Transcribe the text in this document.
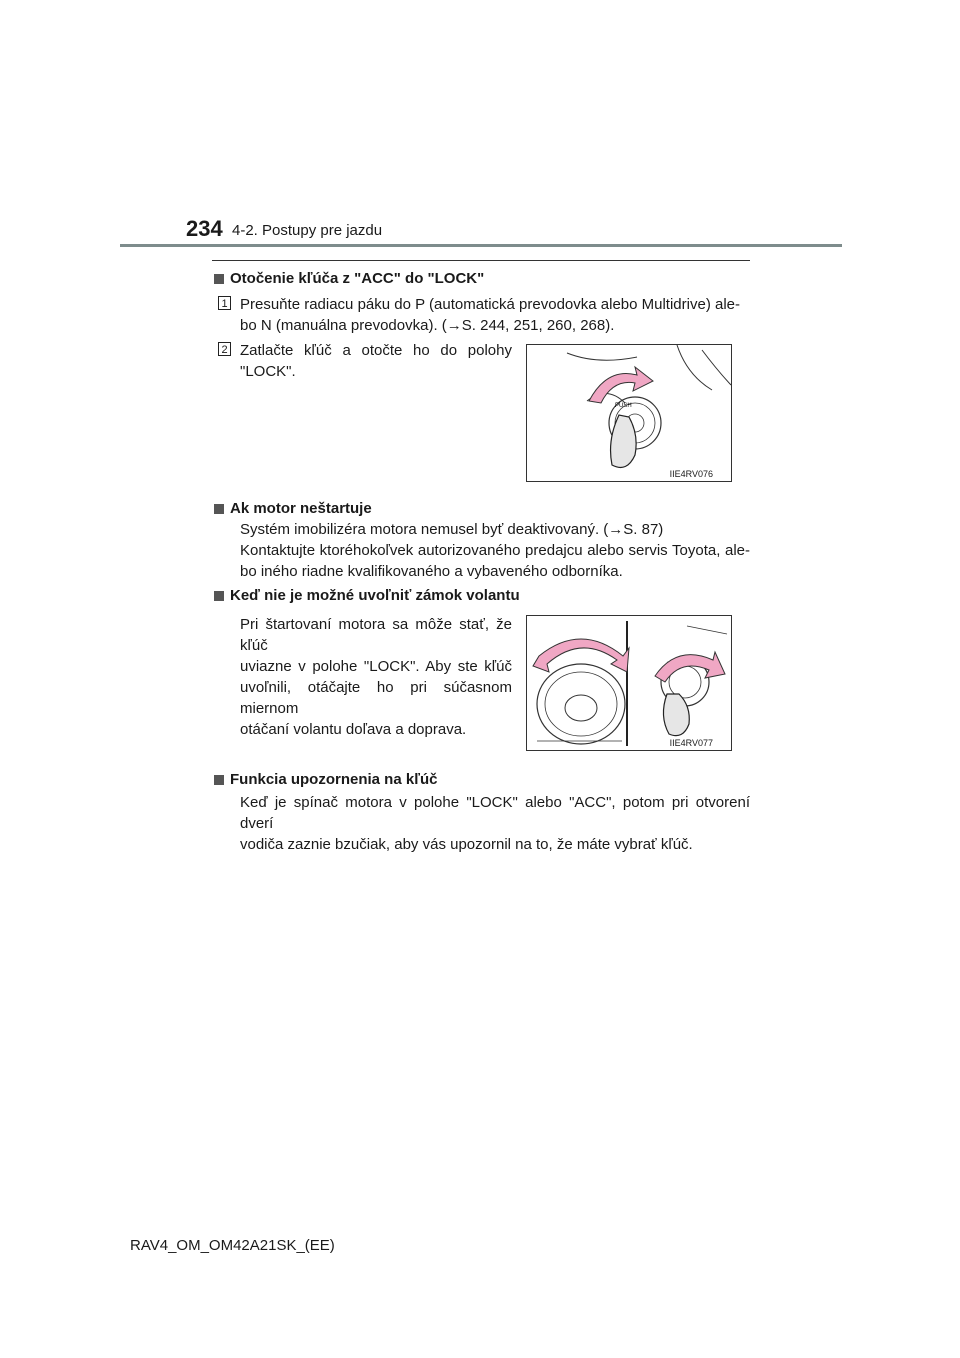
234 4-2. Postupy pre jazdu
Otočenie kľúča z "ACC" do "LOCK"
1 Presuňte radiacu páku do P (automatická prevodovka alebo Multidrive) ale-
bo N (manuálna prevodovka). (→S. 244, 251, 260, 268).
2 Zatlačte kľúč a otočte ho do polohy
"LOCK".
PUSH
IIE4RV076
Ak motor neštartuje
Systém imobilizéra motora nemusel byť deaktivovaný. (→S. 87)
Kontaktujte ktoréhokoľvek autorizovaného predajcu alebo servis Toyota, ale-
bo iného riadne kvalifikovaného a vybaveného odborníka.
Keď nie je možné uvoľniť zámok volantu
Pri štartovaní motora sa môže stať, že kľúč
uviazne v polohe "LOCK". Aby ste kľúč
uvoľnili, otáčajte ho pri súčasnom miernom
otáčaní volantu doľava a doprava.
IIE4RV077
Funkcia upozornenia na kľúč
Keď je spínač motora v polohe "LOCK" alebo "ACC", potom pri otvorení dverí
vodiča zaznie bzučiak, aby vás upozornil na to, že máte vybrať kľúč.
RAV4_OM_OM42A21SK_(EE)
